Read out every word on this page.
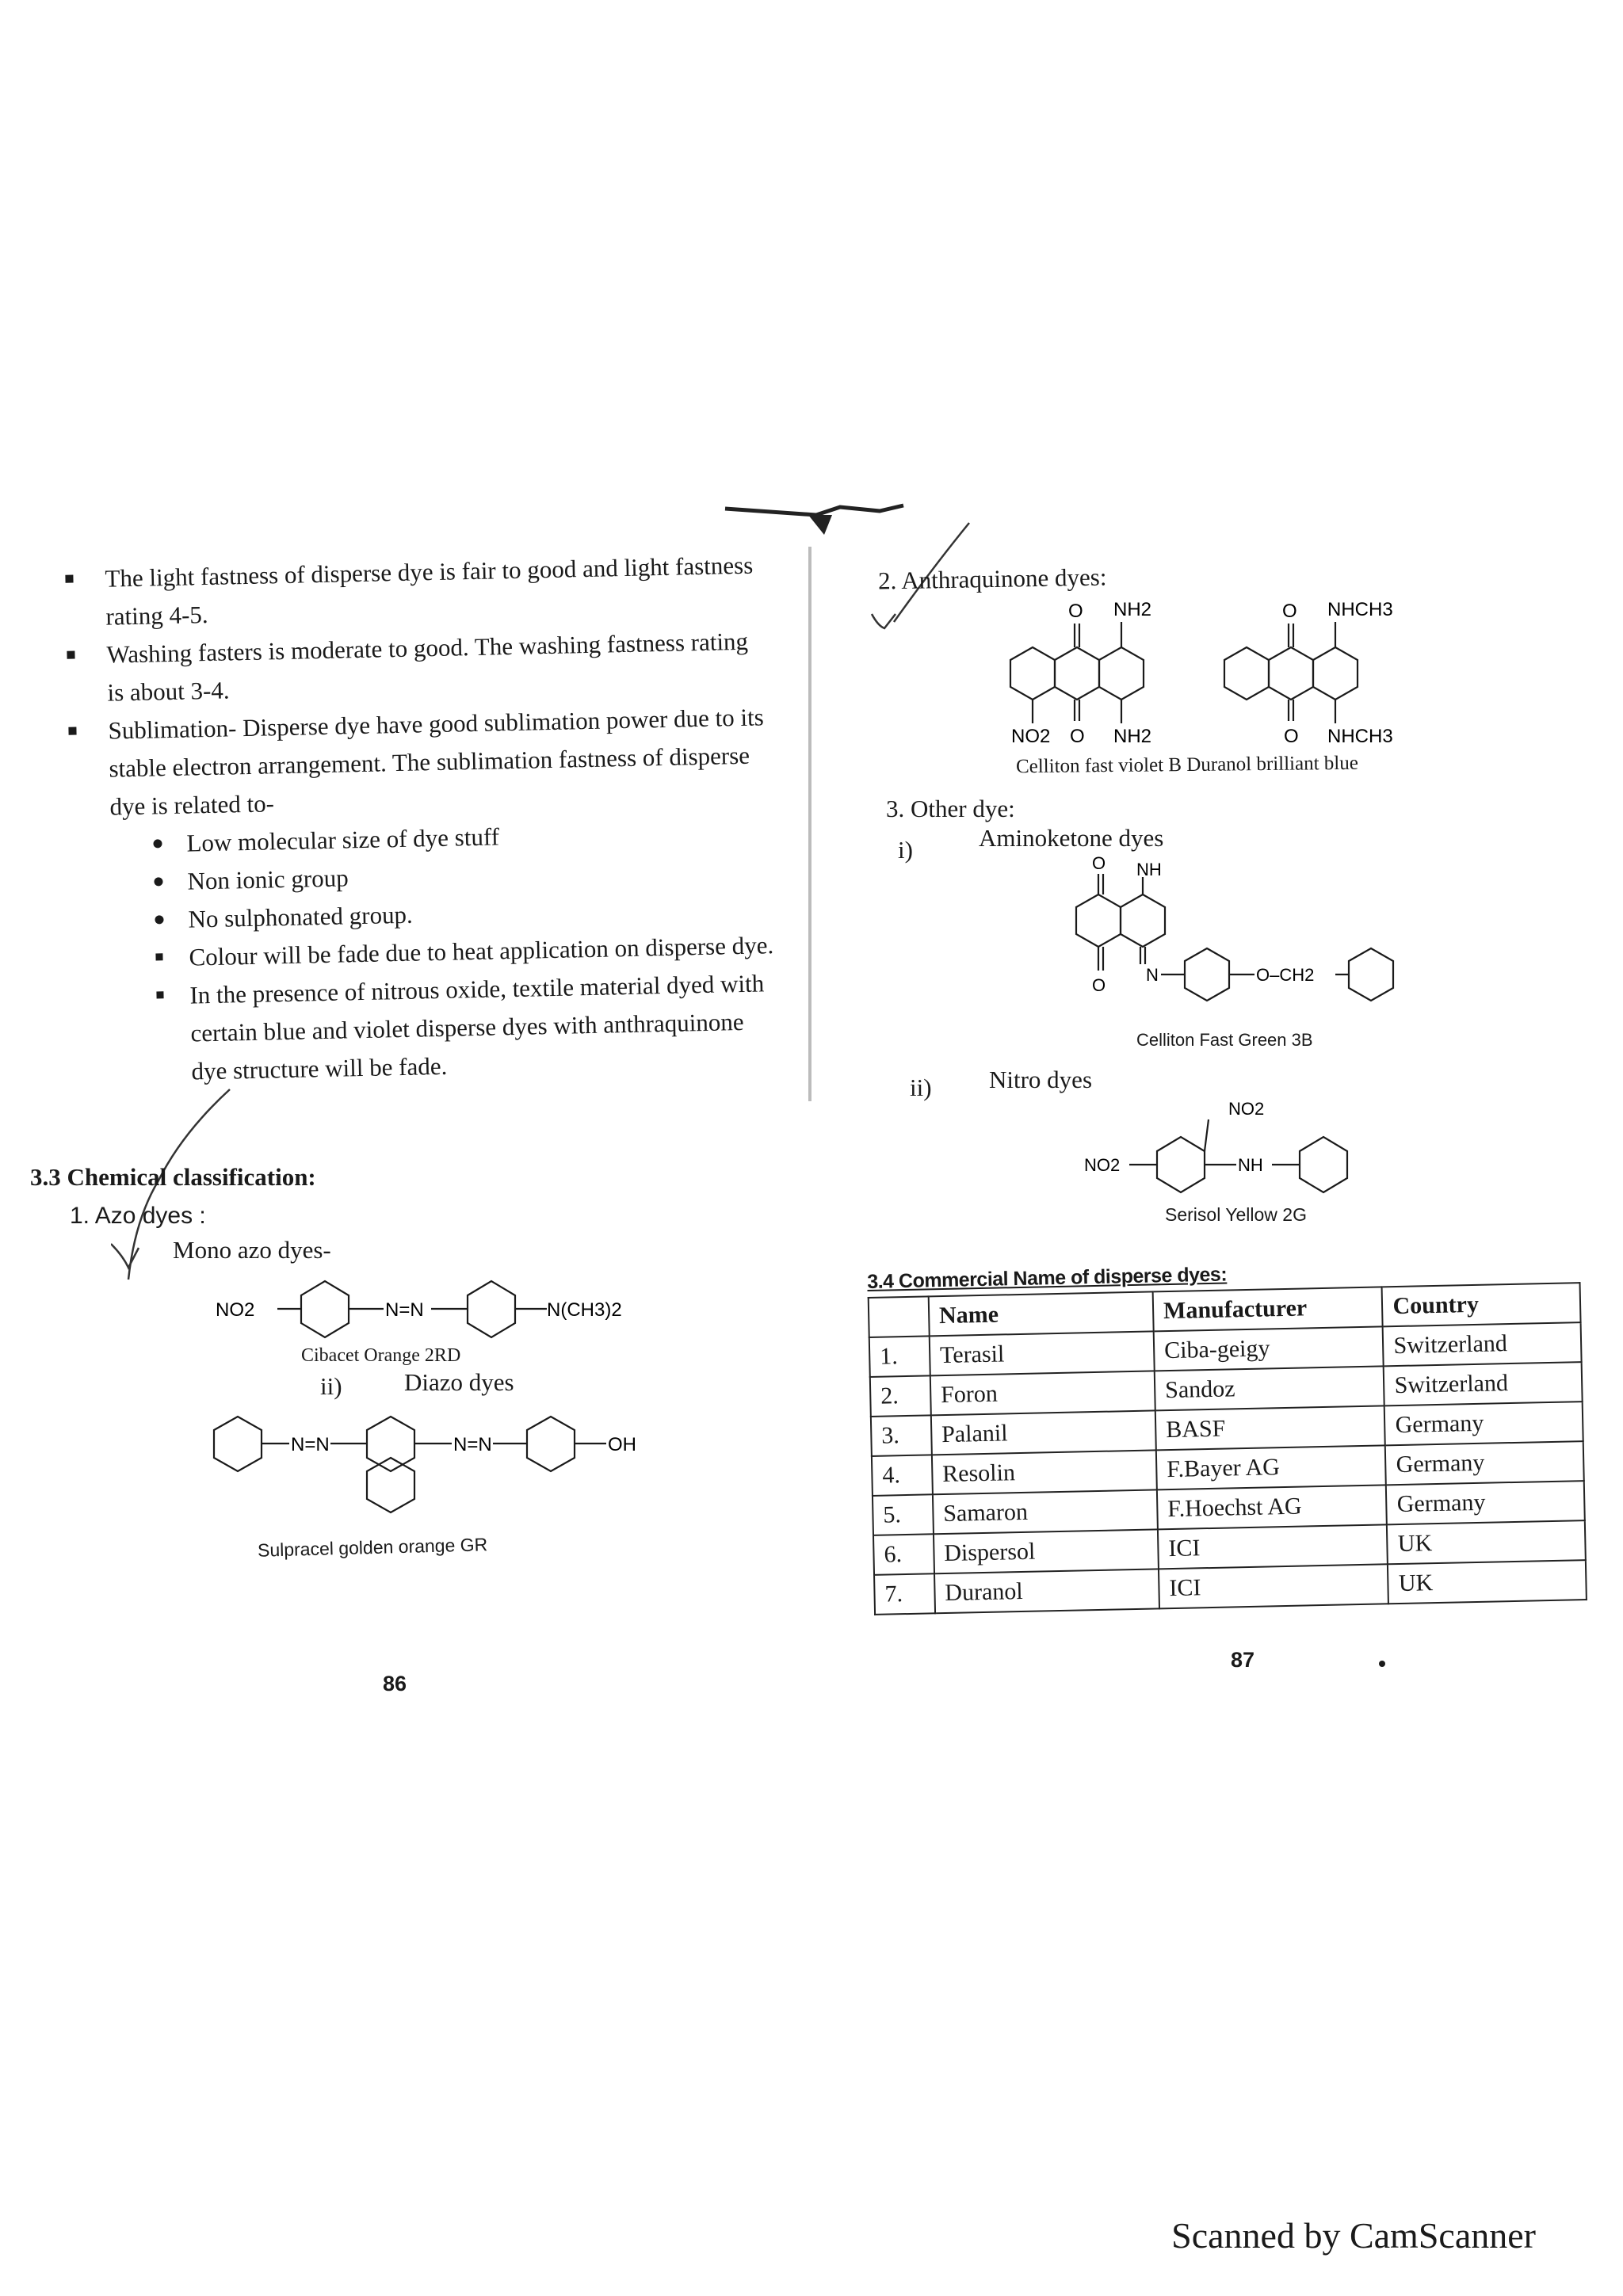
The light fastness of disperse dye is fair to good and light fastness rating 4-5.
Washing fasters is moderate to good. The washing fastness rating is about 3-4.
Sublimation- Disperse dye have good sublimation power due to its stable electron arrangement. The sublimation fastness of disperse dye is related to-
Low molecular size of dye stuff
Non ionic group
No sulphonated group.
Colour will be fade due to heat application on disperse dye.
In the presence of nitrous oxide, textile material dyed with certain blue and violet disperse dyes with anthraquinone dye structure will be fade.
3.3 Chemical classification:
1. Azo dyes :
Mono azo dyes-
NO2	N=N	N(CH3)2
Cibacet Orange 2RD
ii)	Diazo dyes
N=N	N=N	OH
Sulpracel golden orange GR
86
2. Anthraquinone dyes:
O NH2
NO2 O NH2
O NHCH3
O NHCH3
Celliton fast violet B Duranol brilliant blue
3. Other dye:
i)	Aminoketone dyes
O NH
O
N	O–CH2
Celliton Fast Green 3B
ii) Nitro dyes
NO2
NO2	NH
Serisol Yellow 2G
3.4 Commercial Name of disperse dyes:
	Name	Manufacturer	Country
1.	Terasil	Ciba-geigy	Switzerland
2.	Foron	Sandoz	Switzerland
3.	Palanil	BASF	Germany
4.	Resolin	F.Bayer AG	Germany
5.	Samaron	F.Hoechst AG	Germany
6.	Dispersol	ICI	UK
7.	Duranol	ICI	UK
87
Scanned by CamScanner
